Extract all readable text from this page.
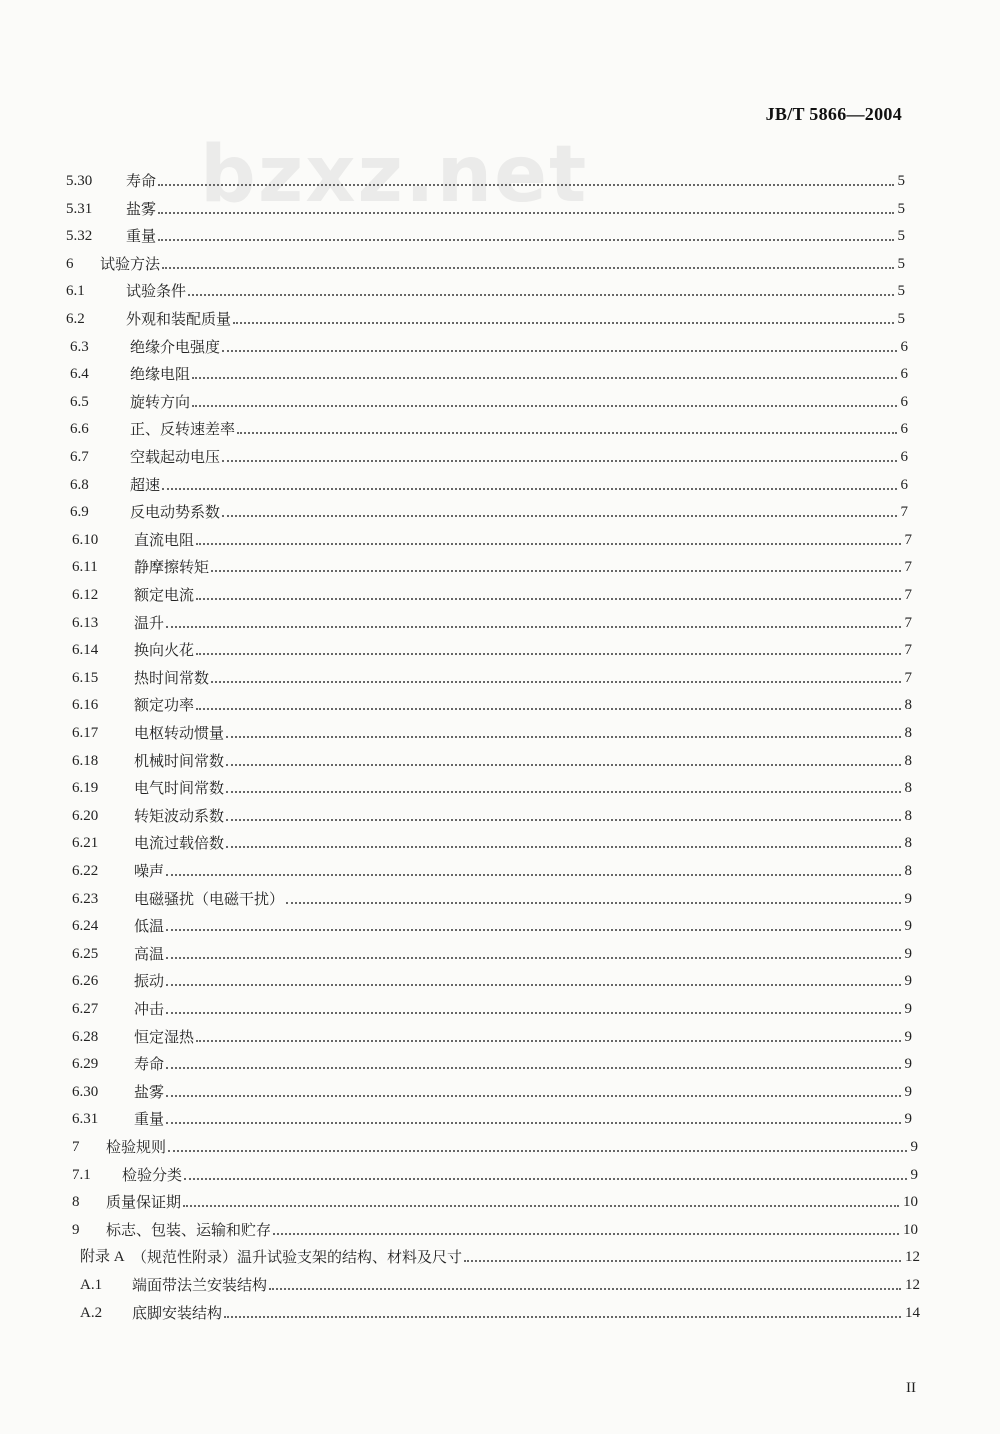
JB/T 5866—2004
bzxz.net
5.30	寿命	5
5.31	盐雾	5
5.32	重量	5
6	试验方法	5
6.1	试验条件	5
6.2	外观和装配质量	5
6.3	绝缘介电强度	6
6.4	绝缘电阻	6
6.5	旋转方向	6
6.6	正、反转速差率	6
6.7	空载起动电压	6
6.8	超速	6
6.9	反电动势系数	7
6.10	直流电阻	7
6.11	静摩擦转矩	7
6.12	额定电流	7
6.13	温升	7
6.14	换向火花	7
6.15	热时间常数	7
6.16	额定功率	8
6.17	电枢转动惯量	8
6.18	机械时间常数	8
6.19	电气时间常数	8
6.20	转矩波动系数	8
6.21	电流过载倍数	8
6.22	噪声	8
6.23	电磁骚扰（电磁干扰）	9
6.24	低温	9
6.25	高温	9
6.26	振动	9
6.27	冲击	9
6.28	恒定湿热	9
6.29	寿命	9
6.30	盐雾	9
6.31	重量	9
7	检验规则	9
7.1	检验分类	9
8	质量保证期	10
9	标志、包装、运输和贮存	10
附录 A （规范性附录）温升试验支架的结构、材料及尺寸	12
A.1	端面带法兰安装结构	12
A.2	底脚安装结构	14
II
